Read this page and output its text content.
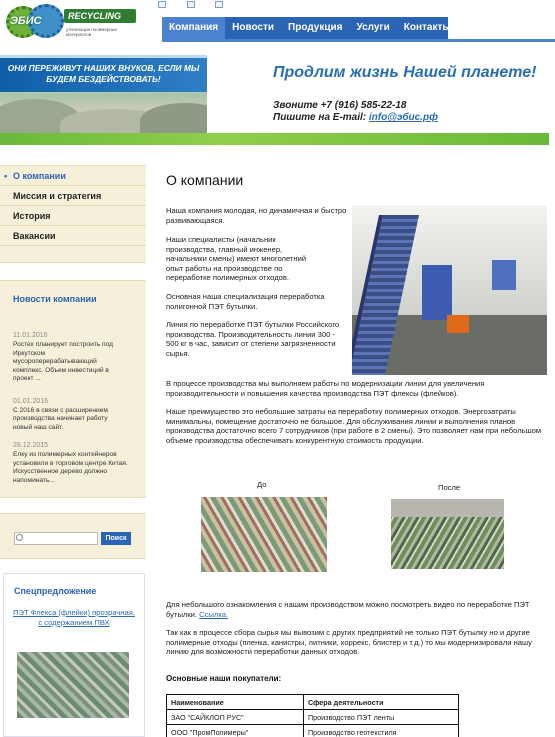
ЭБИС	RECYCLING
утилизация полимерных материалов
Компания	Новости	Продукция	Услуги	Контакты
ОНИ ПЕРЕЖИВУТ НАШИХ ВНУКОВ, ЕСЛИ МЫ БУДЕМ БЕЗДЕЙСТВОВАТЬ!	Продлим жизнь Нашей планете!
Звоните +7 (916) 585-22-18
Пишите на E-mail: info@эбис.рф
• О компании
Миссия и стратегия
История
Вакансии
Новости компании
11.01.2016
Ростех планирует построить под Иркутском мусороперерабатывающий комплекс. Объем инвестиций в проект ...
01.01.2016
С 2016 в связи с расширением производства начинает работу новый наш сайт.
28.12.2015
Елку из полимерных контейнеров установили в торговом центре Китая. Искусственное дерево должно напоминать...
Поиск
Спецпредложение
ПЭТ Флекса (флейки) прозрачная, с содержанием ПВХ
О компании
Наша компания молодая, но динамичная и быстро развивающаяся.
Наши специалисты (начальник производства, главный инженер, начальники смены) имеют многолетний опыт работы на производстве по переработке полимерных отходов.
Основная наша специализация переработка полигонной ПЭТ бутылки.
Линия по переработке ПЭТ бутылки Российского производства. Производительность линии 300 - 500 кг в час, зависит от степени загрязненности сырья.
В процессе производства мы выполняем работы по модернизации линии для увеличения производительности и повышения качества производства ПЭТ флексы (флейков).
Наше преимущество это небольшие затраты на переработку полимерных отходов. Энергозатраты минимальны, помещение достаточно не большое. Для обслуживания линии и выполнения планов производства достаточно всего 7 сотрудников (при работе в 2 смены). Это позволяет нам при небольшом объеме производства обеспечивать конкурентную стоимость продукции.
До	После
Для небольшого ознакомления с нашим производством можно посмотреть видео по переработке ПЭТ бутылки. Ссылка.
Так как в процессе сбора сырья мы вывозим с других предприятий не только ПЭТ бутылку но и другие полимерные отходы (пленка, канистры, литники, коррекс, блистер и т.д.) то мы модернизировали нашу линию для возможности переработки данных отходов.
Основные наши покупатели:
Наименование	Сфера деятельности
ЗАО "САЙКЛОП РУС"	Производство ПЭТ ленты
ООО "ПромПолимеры"	Производство геотекстиля
